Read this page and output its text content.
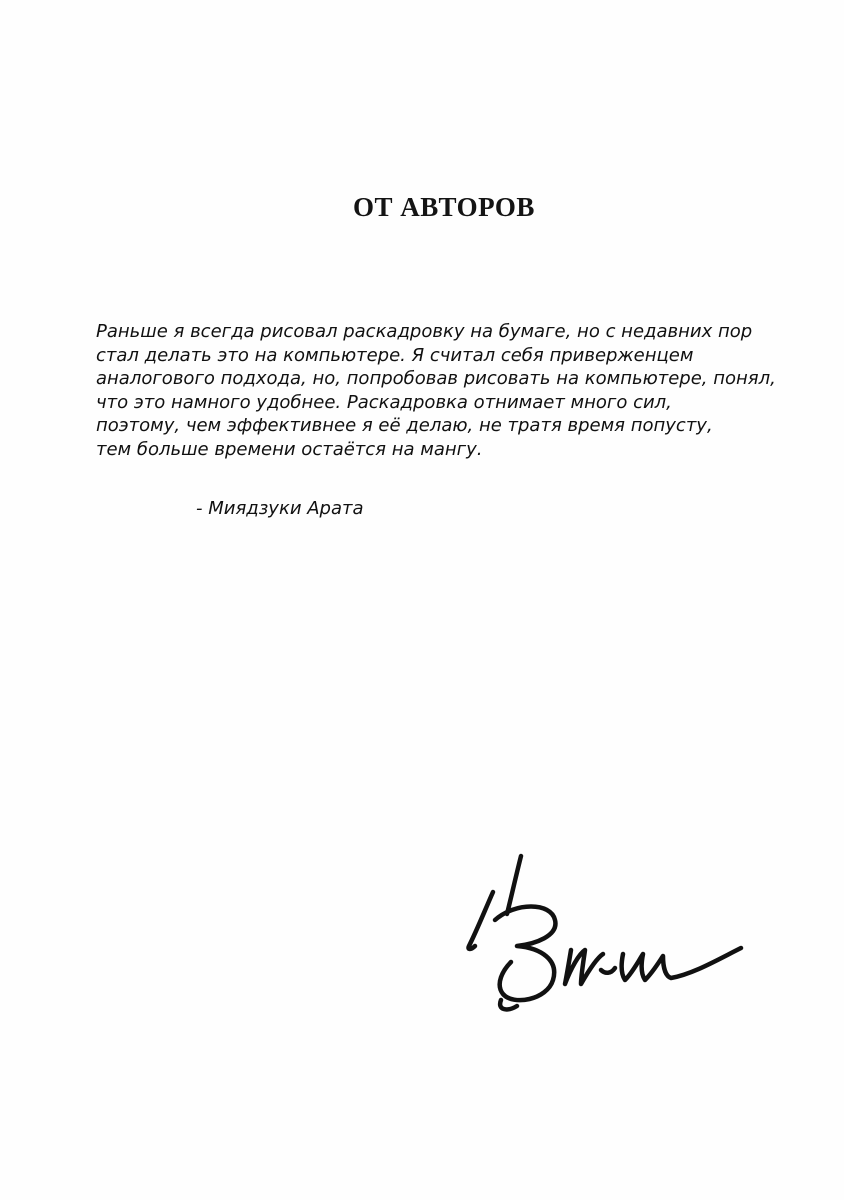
ОТ АВТОРОВ
Раньше я всегда рисовал раскадровку на бумаге, но с недавних пор
стал делать это на компьютере. Я считал себя приверженцем
аналогового подхода, но, попробовав рисовать на компьютере, понял,
что это намного удобнее. Раскадровка отнимает много сил,
поэтому, чем эффективнее я её делаю, не тратя время попусту,
тем больше времени остаётся на мангу.

- Миядзуки Арата
